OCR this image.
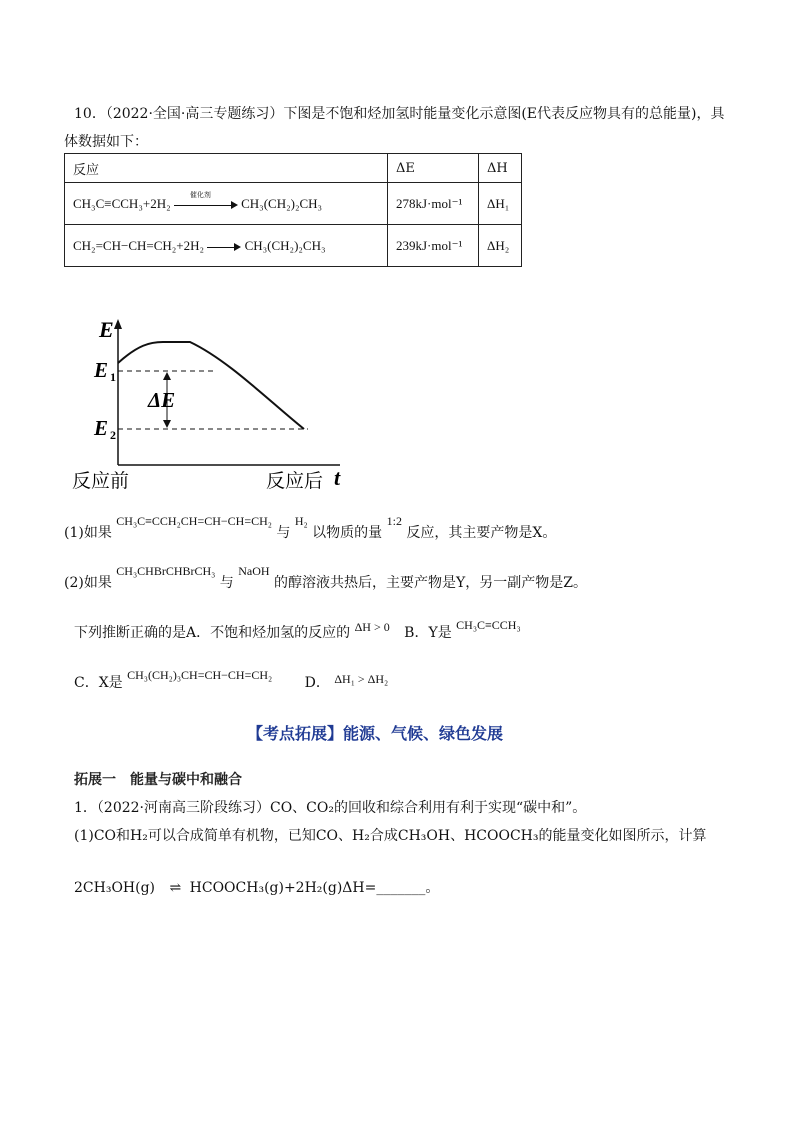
10．（2022·全国·高三专题练习）下图是不饱和烃加氢时能量变化示意图(E代表反应物具有的总能量)，具
体数据如下：
反应	ΔE	ΔH
CH₃C≡CCH₃+2H₂
催化剂
CH₃(CH₂)₂CH₃	278kJ·mol⁻¹	ΔH₁
CH₂=CH−CH=CH₂+2H₂ CH₃(CH₂)₂CH₃	239kJ·mol⁻¹	ΔH₂
E
E 1
E 2
ΔE
反应前	反应后 t
(1)如果 CH₃C≡CCH₂CH=CH−CH=CH₂ 与 H₂ 以物质的量 1:2 反应，其主要产物是X。
(2)如果 CH₃CHBrCHBrCH₃ 与 NaOH 的醇溶液共热后，主要产物是Y，另一副产物是Z。
下列推断正确的是A．不饱和烃加氢的反应的 ΔH > 0 B．Y是 CH₃C≡CCH₃
C．X是 CH₃(CH₂)₃CH=CH−CH=CH₂ D． ΔH₁ > ΔH₂
【考点拓展】能源、气候、绿色发展
拓展一　能量与碳中和融合
1．（2022·河南高三阶段练习）CO、CO₂的回收和综合利用有利于实现“碳中和”。
(1)CO和H₂可以合成简单有机物，已知CO、H₂合成CH₃OH、HCOOCH₃的能量变化如图所示，计算
2CH₃OH(g) ⇌ HCOOCH₃(g)+2H₂(g)ΔH=_______。
